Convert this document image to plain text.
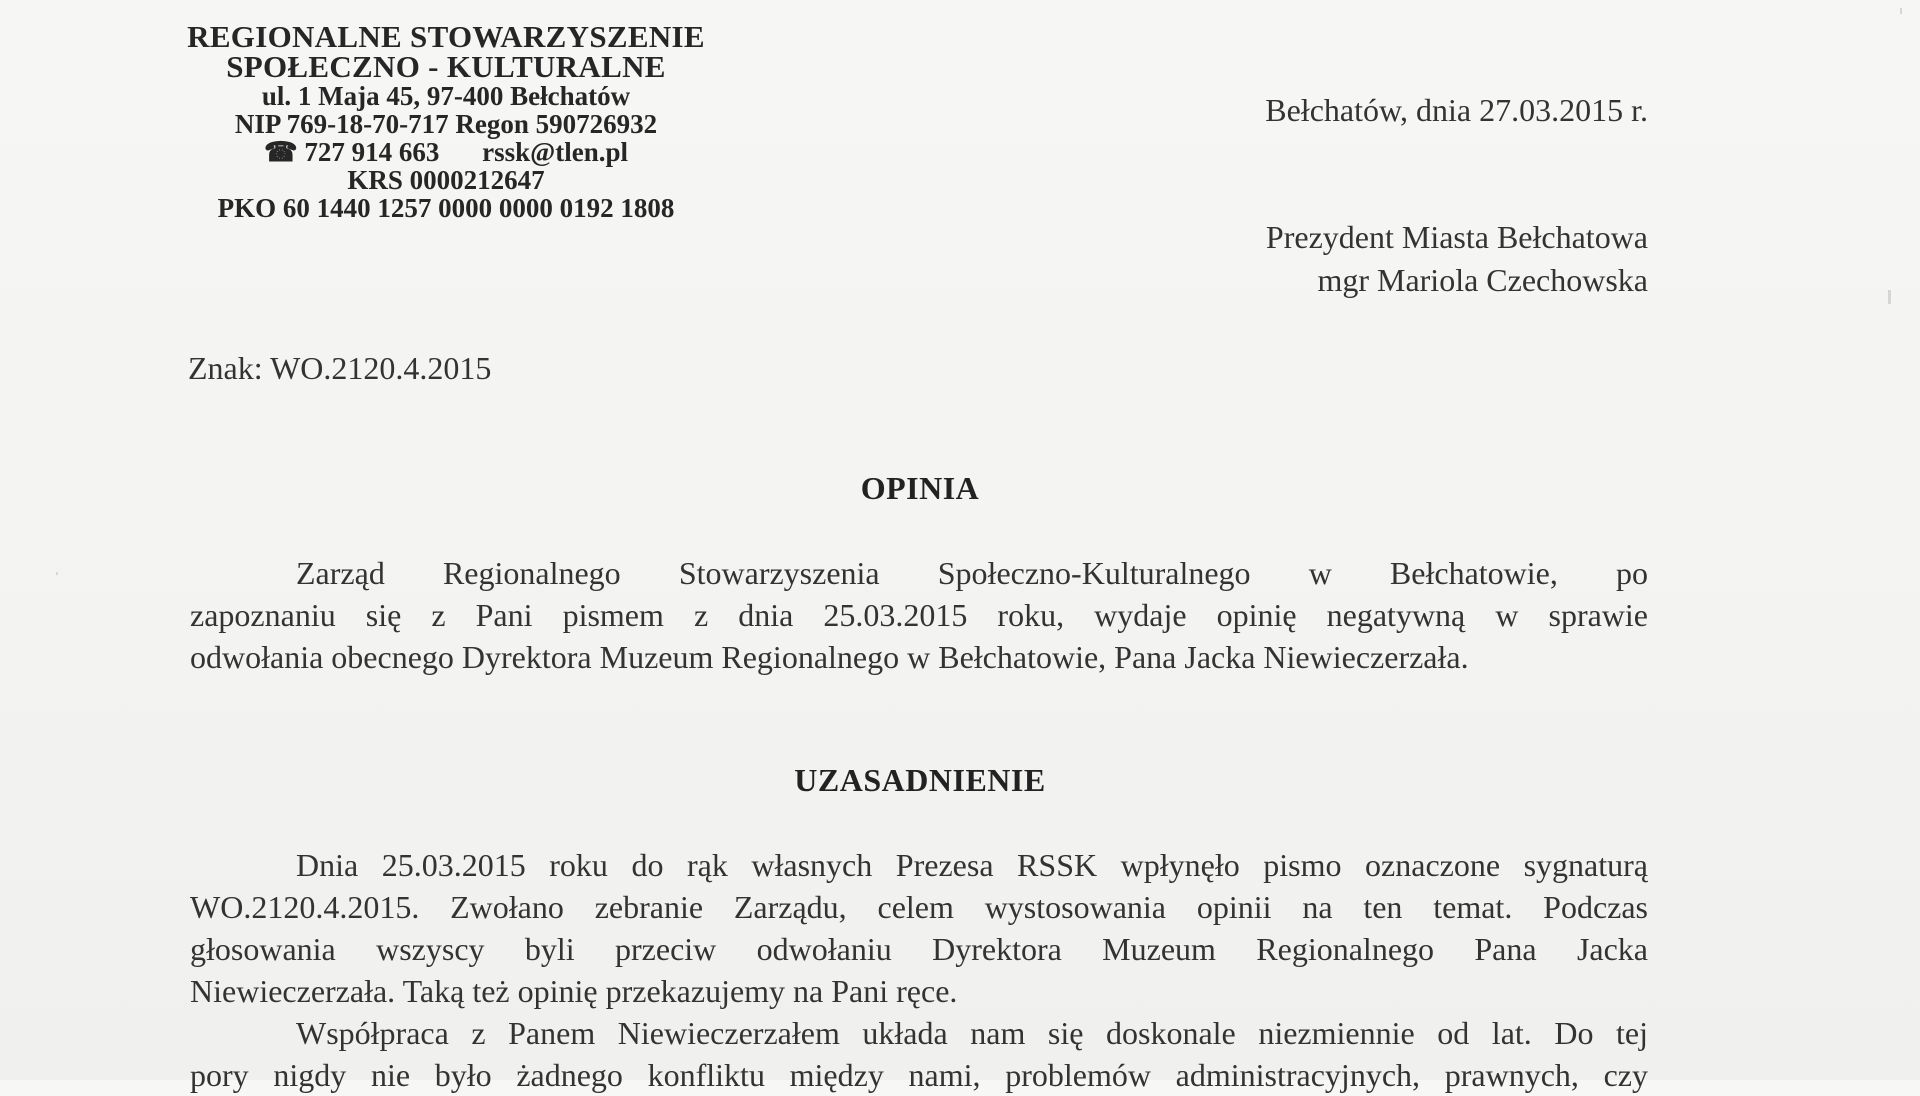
REGIONALNE STOWARZYSZENIE
SPOŁECZNO - KULTURALNE
ul. 1 Maja 45, 97-400 Bełchatów
NIP 769-18-70-717 Regon 590726932
☎ 727 914 663 rssk@tlen.pl
KRS 0000212647
PKO 60 1440 1257 0000 0000 0192 1808
Bełchatów, dnia 27.03.2015 r.
Prezydent Miasta Bełchatowa
mgr Mariola Czechowska
Znak: WO.2120.4.2015
OPINIA
Zarząd Regionalnego Stowarzyszenia Społeczno-Kulturalnego w Bełchatowie, po
zapoznaniu się z Pani pismem z dnia 25.03.2015 roku, wydaje opinię negatywną w sprawie
odwołania obecnego Dyrektora Muzeum Regionalnego w Bełchatowie, Pana Jacka Niewieczerzała.
UZASADNIENIE
Dnia 25.03.2015 roku do rąk własnych Prezesa RSSK wpłynęło pismo oznaczone sygnaturą
WO.2120.4.2015. Zwołano zebranie Zarządu, celem wystosowania opinii na ten temat. Podczas
głosowania wszyscy byli przeciw odwołaniu Dyrektora Muzeum Regionalnego Pana Jacka
Niewieczerzała. Taką też opinię przekazujemy na Pani ręce.
Współpraca z Panem Niewieczerzałem układa nam się doskonale niezmiennie od lat. Do tej
pory nigdy nie było żadnego konfliktu między nami, problemów administracyjnych, prawnych, czy
